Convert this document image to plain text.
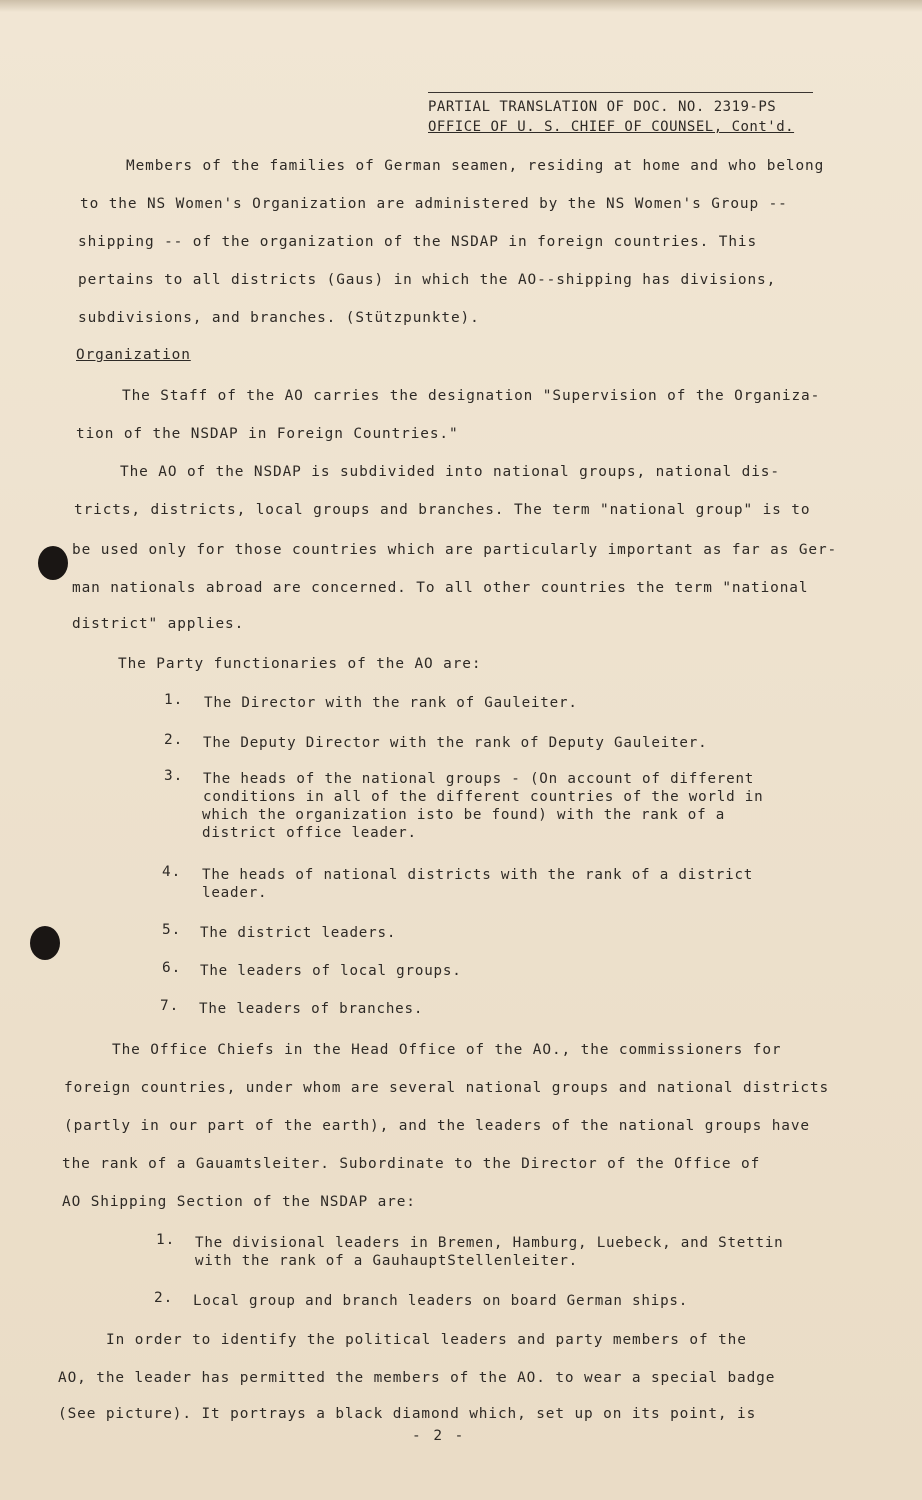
PARTIAL TRANSLATION OF DOC. NO. 2319-PS
OFFICE OF U. S. CHIEF OF COUNSEL, Cont'd.
Members of the families of German seamen, residing at home and who belong
to the NS Women's Organization are administered by the NS Women's Group --
shipping -- of the organization of the NSDAP in foreign countries. This
pertains to all districts (Gaus) in which the AO--shipping has divisions,
subdivisions, and branches. (Stützpunkte).
Organization
The Staff of the AO carries the designation "Supervision of the Organiza-
tion of the NSDAP in Foreign Countries."
The AO of the NSDAP is subdivided into national groups, national dis-
tricts, districts, local groups and branches. The term "national group" is to
be used only for those countries which are particularly important as far as Ger-
man nationals abroad are concerned. To all other countries the term "national
district" applies.
The Party functionaries of the AO are:
1. The Director with the rank of Gauleiter.
2. The Deputy Director with the rank of Deputy Gauleiter.
3. The heads of the national groups - (On account of different
conditions in all of the different countries of the world in
which the organization isto be found) with the rank of a
district office leader.
4. The heads of national districts with the rank of a district
leader.
5. The district leaders.
6. The leaders of local groups.
7. The leaders of branches.
The Office Chiefs in the Head Office of the AO., the commissioners for
foreign countries, under whom are several national groups and national districts
(partly in our part of the earth), and the leaders of the national groups have
the rank of a Gauamtsleiter. Subordinate to the Director of the Office of
AO Shipping Section of the NSDAP are:
1. The divisional leaders in Bremen, Hamburg, Luebeck, and Stettin
with the rank of a GauhauptStellenleiter.
2. Local group and branch leaders on board German ships.
In order to identify the political leaders and party members of the
AO, the leader has permitted the members of the AO. to wear a special badge
(See picture). It portrays a black diamond which, set up on its point, is
- 2 -
